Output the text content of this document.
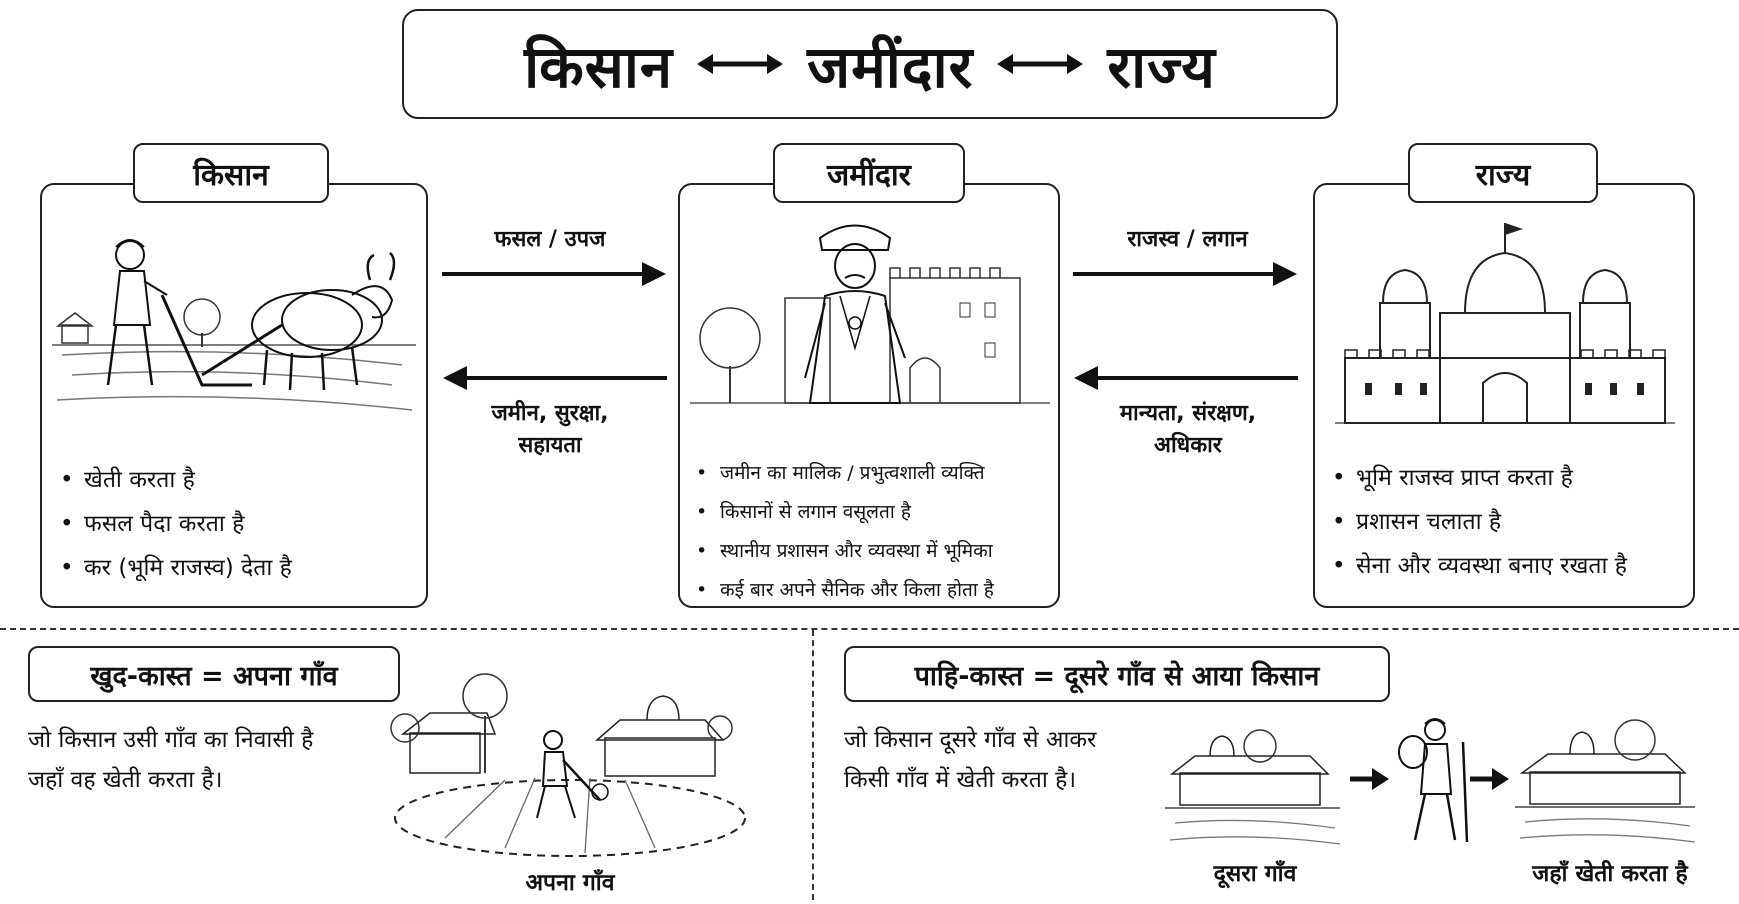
किसान जमींदार राज्य
किसान
• खेती करता है
• फसल पैदा करता है
• कर (भूमि राजस्व) देता है
जमींदार
• जमीन का मालिक / प्रभुत्वशाली व्यक्ति
• किसानों से लगान वसूलता है
• स्थानीय प्रशासन और व्यवस्था में भूमिका
• कई बार अपने सैनिक और किला होता है
राज्य
• भूमि राजस्व प्राप्त करता है
• प्रशासन चलाता है
• सेना और व्यवस्था बनाए रखता है
फसल / उपज
जमीन, सुरक्षा,
सहायता
राजस्व / लगान
मान्यता, संरक्षण,
अधिकार
खुद-कास्त = अपना गाँव
जो किसान उसी गाँव का निवासी है
जहाँ वह खेती करता है।
अपना गाँव
पाहि-कास्त = दूसरे गाँव से आया किसान
जो किसान दूसरे गाँव से आकर
किसी गाँव में खेती करता है।
दूसरा गाँव	जहाँ खेती करता है
